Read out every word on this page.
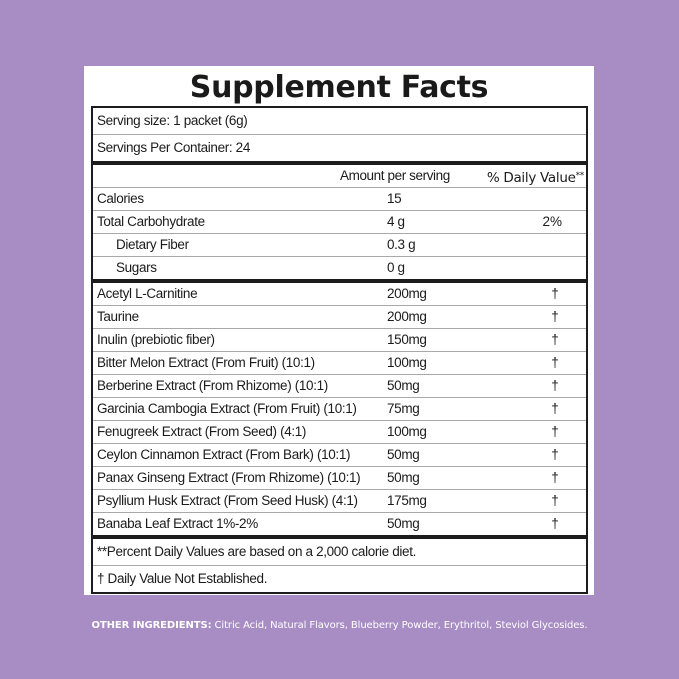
Supplement Facts
Serving size: 1 packet (6g)
Servings Per Container: 24
Amount per serving	% Daily Value**
Calories	15
Total Carbohydrate	4 g	2%
Dietary Fiber	0.3 g
Sugars	0 g
Acetyl L-Carnitine	200mg	†
Taurine	200mg	†
Inulin (prebiotic fiber)	150mg	†
Bitter Melon Extract (From Fruit) (10:1)	100mg	†
Berberine Extract (From Rhizome) (10:1)	50mg	†
Garcinia Cambogia Extract (From Fruit) (10:1) 75mg	†
Fenugreek Extract (From Seed) (4:1)	100mg	†
Ceylon Cinnamon Extract (From Bark) (10:1)	50mg	†
Panax Ginseng Extract (From Rhizome) (10:1) 50mg	†
Psyllium Husk Extract (From Seed Husk) (4:1) 175mg	†
Banaba Leaf Extract 1%-2%	50mg	†
**Percent Daily Values are based on a 2,000 calorie diet.
† Daily Value Not Established.
OTHER INGREDIENTS: Citric Acid, Natural Flavors, Blueberry Powder, Erythritol, Steviol Glycosides.
